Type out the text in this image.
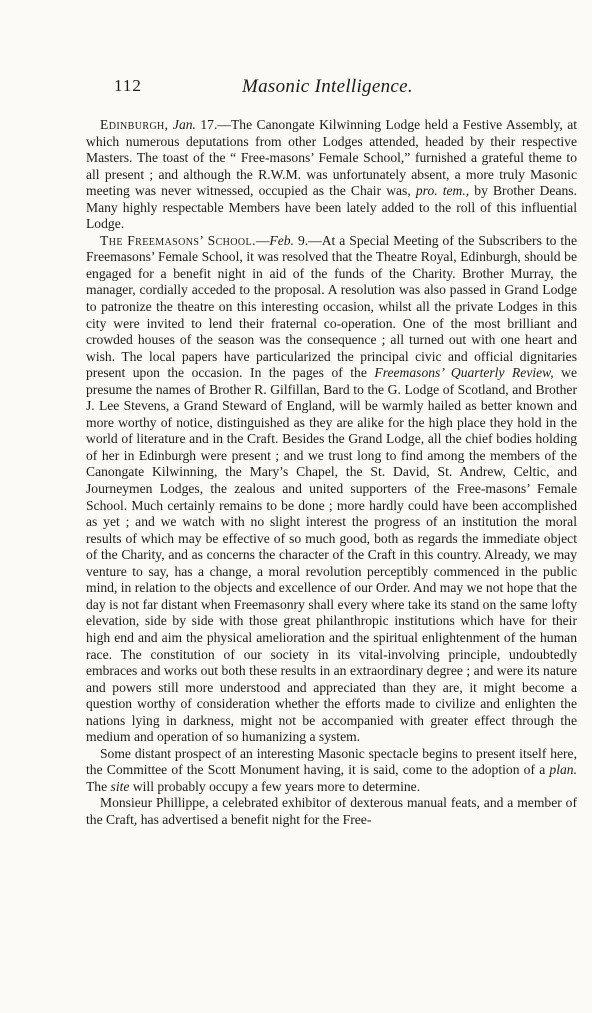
112	Masonic Intelligence.

Edinburgh, Jan. 17.—The Canongate Kilwinning Lodge held a Festive Assembly, at which numerous deputations from other Lodges attended, headed by their respective Masters. The toast of the “ Free-masons’ Female School,” furnished a grateful theme to all present ; and although the R.W.M. was unfortunately absent, a more truly Masonic meeting was never witnessed, occupied as the Chair was, pro. tem., by Brother Deans. Many highly respectable Members have been lately added to the roll of this influential Lodge.

The Freemasons’ School.—Feb. 9.—At a Special Meeting of the Subscribers to the Freemasons’ Female School, it was resolved that the Theatre Royal, Edinburgh, should be engaged for a benefit night in aid of the funds of the Charity. Brother Murray, the manager, cordially acceded to the proposal. A resolution was also passed in Grand Lodge to patronize the theatre on this interesting occasion, whilst all the private Lodges in this city were invited to lend their fraternal co-operation. One of the most brilliant and crowded houses of the season was the consequence ; all turned out with one heart and wish. The local papers have particularized the principal civic and official dignitaries present upon the occasion. In the pages of the Freemasons’ Quarterly Review, we presume the names of Brother R. Gilfillan, Bard to the G. Lodge of Scotland, and Brother J. Lee Stevens, a Grand Steward of England, will be warmly hailed as better known and more worthy of notice, distinguished as they are alike for the high place they hold in the world of literature and in the Craft. Besides the Grand Lodge, all the chief bodies holding of her in Edinburgh were present ; and we trust long to find among the members of the Canongate Kilwinning, the Mary’s Chapel, the St. David, St. Andrew, Celtic, and Journeymen Lodges, the zealous and united supporters of the Free-masons’ Female School. Much certainly remains to be done ; more hardly could have been accomplished as yet ; and we watch with no slight interest the progress of an institution the moral results of which may be effective of so much good, both as regards the immediate object of the Charity, and as concerns the character of the Craft in this country. Already, we may venture to say, has a change, a moral revolution perceptibly commenced in the public mind, in relation to the objects and excellence of our Order. And may we not hope that the day is not far distant when Freemasonry shall every where take its stand on the same lofty elevation, side by side with those great philanthropic institutions which have for their high end and aim the physical amelioration and the spiritual enlightenment of the human race. The constitution of our society in its vital-involving principle, undoubtedly embraces and works out both these results in an extraordinary degree ; and were its nature and powers still more understood and appreciated than they are, it might become a question worthy of consideration whether the efforts made to civilize and enlighten the nations lying in darkness, might not be accompanied with greater effect through the medium and operation of so humanizing a system.

Some distant prospect of an interesting Masonic spectacle begins to present itself here, the Committee of the Scott Monument having, it is said, come to the adoption of a plan. The site will probably occupy a few years more to determine.

Monsieur Phillippe, a celebrated exhibitor of dexterous manual feats, and a member of the Craft, has advertised a benefit night for the Free-
